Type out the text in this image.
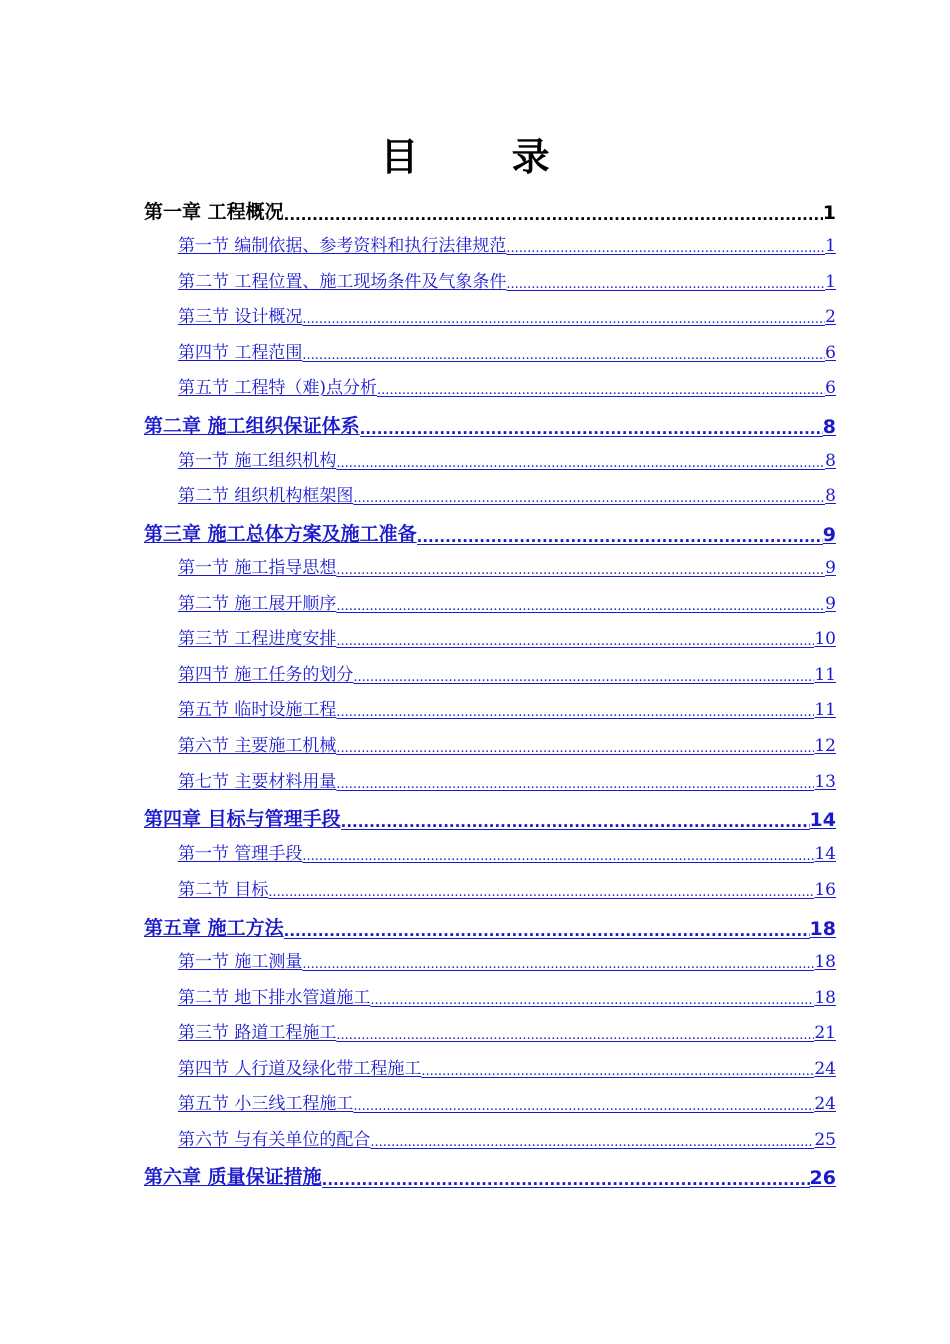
目 录
第一章 工程概况 .....	1
第一节 编制依据、参考资料和执行法律规范 .....	1
第二节 工程位置、施工现场条件及气象条件 .....	1
第三节 设计概况 .....	2
第四节 工程范围 .....	6
第五节 工程特（难)点分析 .....	6
第二章 施工组织保证体系 .....	8
第一节 施工组织机构 .....	8
第二节 组织机构框架图 .....	8
第三章 施工总体方案及施工准备 .....	9
第一节 施工指导思想 .....	9
第二节 施工展开顺序 .....	9
第三节 工程进度安排 .....	10
第四节 施工任务的划分 .....	11
第五节 临时设施工程 .....	11
第六节 主要施工机械 .....	12
第七节 主要材料用量 .....	13
第四章 目标与管理手段 .....	14
第一节 管理手段 .....	14
第二节 目标 .....	16
第五章 施工方法 .....	18
第一节 施工测量 .....	18
第二节 地下排水管道施工 .....	18
第三节 路道工程施工 .....	21
第四节 人行道及绿化带工程施工 .....	24
第五节 小三线工程施工 .....	24
第六节 与有关单位的配合 .....	25
第六章 质量保证措施 .....	26
